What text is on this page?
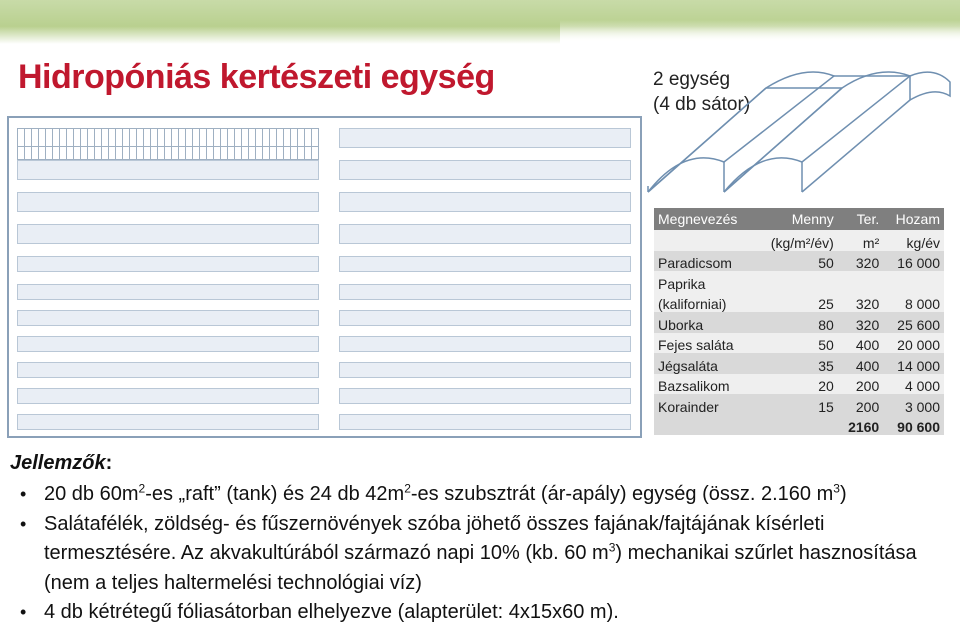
Hidropóniás kertészeti egység	2 egység
(4 db sátor)
Megnevezés	Menny	Ter.	Hozam
	(kg/m²/év)	m²	kg/év
Paradicsom	50	320	16 000
Paprika			
(kaliforniai)	25	320	8 000
Uborka	80	320	25 600
Fejes saláta	50	400	20 000
Jégsaláta	35	400	14 000
Bazsalikom	20	200	4 000
Korainder	15	200	3 000
		2160	90 600
Jellemzők:
• 20 db $60m^2-es$ „raft” (tank) és 24 db $42m^2-es$ szubsztrát (ár-apály) egység (össz. 2.160 $m^3$)
• Salátafélék, zöldség- és fűszernövények szóba jöhető összes fajának/fajtájának kísérleti termesztésére. Az akvakultúrából származó napi 10% (kb. 60 $m^3$) mechanikai szűrlet hasznosítása (nem a teljes haltermelési technológiai víz)
• 4 db kétrétegű fóliasátorban elhelyezve (alapterület: 4x15x60 m).
